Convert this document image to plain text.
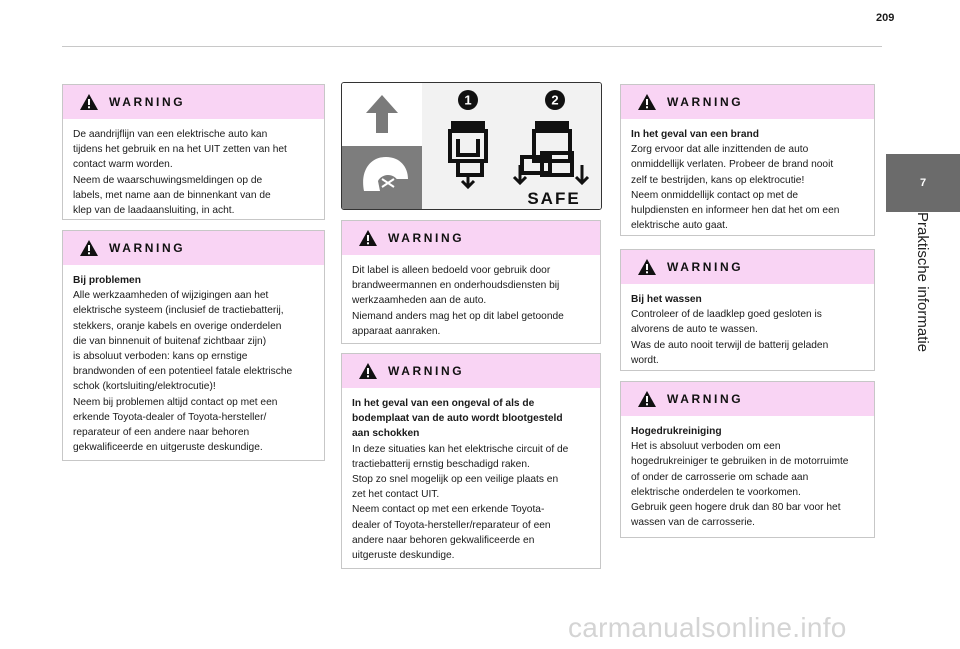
209
7
Praktische informatie
WARNING

De aandrijflijn van een elektrische auto kan

tijdens het gebruik en na het UIT zetten van het

contact warm worden.

Neem de waarschuwingsmeldingen op de

labels, met name aan de binnenkant van de

klep van de laadaansluiting, in acht.

WARNING
Bij problemen

Alle werkzaamheden of wijzigingen aan het

elektrische systeem (inclusief de tractiebatterij,

stekkers, oranje kabels en overige onderdelen

die van binnenuit of buitenaf zichtbaar zijn)

is absoluut verboden: kans op ernstige

brandwonden of een potentieel fatale elektrische

schok (kortsluiting/elektrocutie)!

Neem bij problemen altijd contact op met een

erkende Toyota-dealer of Toyota-hersteller/

reparateur of een andere naar behoren

gekwalificeerde en uitgeruste deskundige.

1	2
SAFE
WARNING

Dit label is alleen bedoeld voor gebruik door

brandweermannen en onderhoudsdiensten bij

werkzaamheden aan de auto.

Niemand anders mag het op dit label getoonde

apparaat aanraken.

WARNING
In het geval van een ongeval of als de
bodemplaat van de auto wordt blootgesteld
aan schokken

In deze situaties kan het elektrische circuit of de

tractiebatterij ernstig beschadigd raken.

Stop zo snel mogelijk op een veilige plaats en

zet het contact UIT.

Neem contact op met een erkende Toyota-

dealer of Toyota-hersteller/reparateur of een

andere naar behoren gekwalificeerde en

uitgeruste deskundige.

WARNING
In het geval van een brand

Zorg ervoor dat alle inzittenden de auto

onmiddellijk verlaten. Probeer de brand nooit

zelf te bestrijden, kans op elektrocutie!

Neem onmiddellijk contact op met de

hulpdiensten en informeer hen dat het om een

elektrische auto gaat.

WARNING
Bij het wassen

Controleer of de laadklep goed gesloten is

alvorens de auto te wassen.

Was de auto nooit terwijl de batterij geladen

wordt.

WARNING
Hogedrukreiniging

Het is absoluut verboden om een

hogedrukreiniger te gebruiken in de motorruimte

of onder de carrosserie om schade aan

elektrische onderdelen te voorkomen.

Gebruik geen hogere druk dan 80 bar voor het

wassen van de carrosserie.

carmanualsonline.info
